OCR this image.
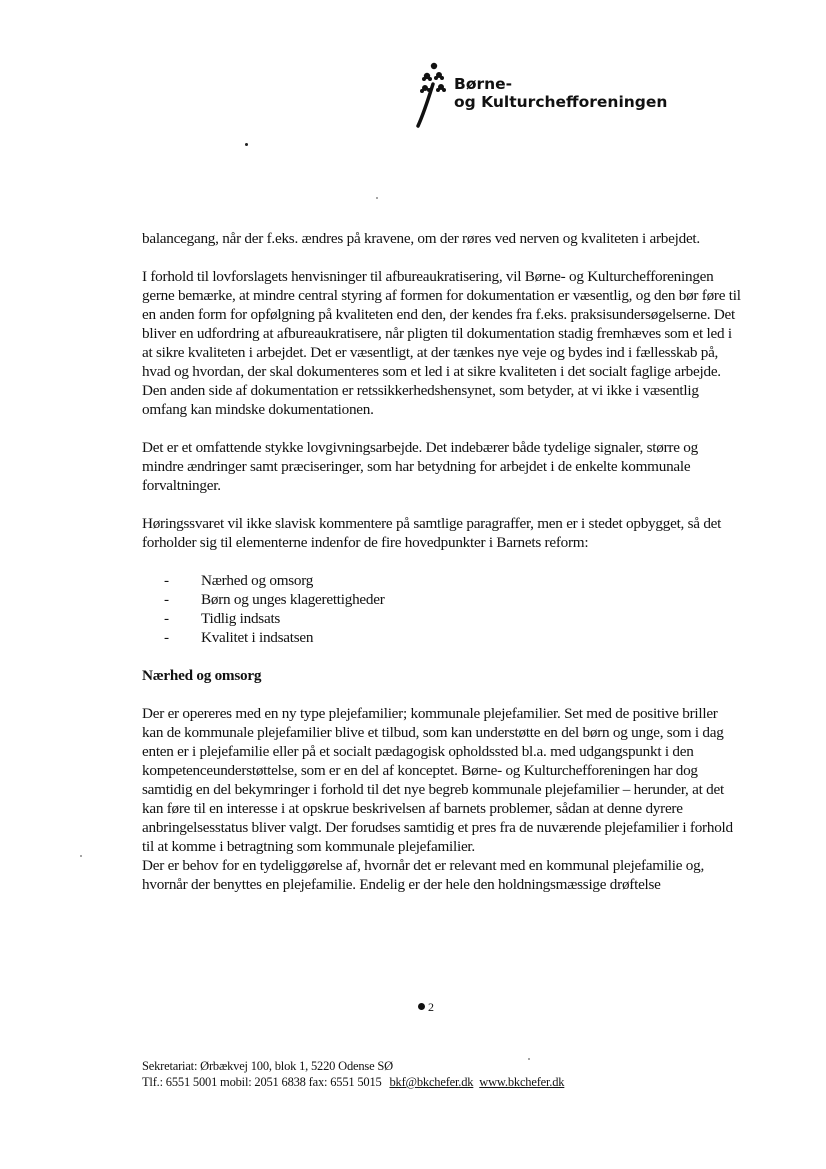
Børne-
og Kulturchefforeningen

balancegang, når der f.eks. ændres på kravene, om der røres ved nerven og kvaliteten i arbejdet.

I forhold til lovforslagets henvisninger til afbureaukratisering, vil Børne- og Kulturchefforeningen gerne bemærke, at mindre central styring af formen for dokumentation er væsentlig, og den bør føre til en anden form for opfølgning på kvaliteten end den, der kendes fra f.eks. praksisundersøgelserne. Det bliver en udfordring at afbureaukratisere, når pligten til dokumentation stadig fremhæves som et led i at sikre kvaliteten i arbejdet. Det er væsentligt, at der tænkes nye veje og bydes ind i fællesskab på, hvad og hvordan, der skal dokumenteres som et led i at sikre kvaliteten i det socialt faglige arbejde. Den anden side af dokumentation er retssikkerhedshensynet, som betyder, at vi ikke i væsentlig omfang kan mindske dokumentationen.

Det er et omfattende stykke lovgivningsarbejde. Det indebærer både tydelige signaler, større og mindre ændringer samt præciseringer, som har betydning for arbejdet i de enkelte kommunale forvaltninger.

Høringssvaret vil ikke slavisk kommentere på samtlige paragraffer, men er i stedet opbygget, så det forholder sig til elementerne indenfor de fire hovedpunkter i Barnets reform:

- Nærhed og omsorg
- Børn og unges klagerettigheder
- Tidlig indsats
- Kvalitet i indsatsen
Nærhed og omsorg

Der er opereres med en ny type plejefamilier; kommunale plejefamilier. Set med de positive briller kan de kommunale plejefamilier blive et tilbud, som kan understøtte en del børn og unge, som i dag enten er i plejefamilie eller på et socialt pædagogisk opholdssted bl.a. med udgangspunkt i den kompetenceunderstøttelse, som er en del af konceptet. Børne- og Kulturchefforeningen har dog samtidig en del bekymringer i forhold til det nye begreb kommunale plejefamilier – herunder, at det kan føre til en interesse i at opskrue beskrivelsen af barnets problemer, sådan at denne dyrere anbringelsesstatus bliver valgt. Der forudses samtidig et pres fra de nuværende plejefamilier i forhold til at komme i betragtning som kommunale plejefamilier.

Der er behov for en tydeliggørelse af, hvornår det er relevant med en kommunal plejefamilie og, hvornår der benyttes en plejefamilie. Endelig er der hele den holdningsmæssige drøftelse

2
Sekretariat: Ørbækvej 100, blok 1, 5220 Odense SØ
Tlf.: 6551 5001 mobil: 2051 6838 fax: 6551 5015 bkf@bkchefer.dk www.bkchefer.dk
